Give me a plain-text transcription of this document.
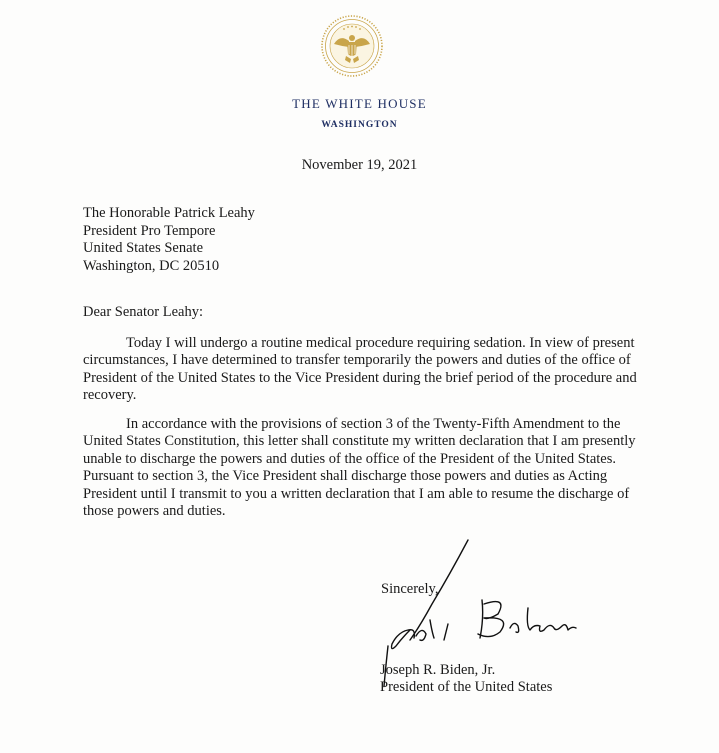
THE WHITE HOUSE
WASHINGTON
November 19, 2021
The Honorable Patrick Leahy
President Pro Tempore
United States Senate
Washington, DC 20510
Dear Senator Leahy:

Today I will undergo a routine medical procedure requiring sedation. In view of present circumstances, I have determined to transfer temporarily the powers and duties of the office of President of the United States to the Vice President during the brief period of the procedure and recovery.

In accordance with the provisions of section 3 of the Twenty-Fifth Amendment to the United States Constitution, this letter shall constitute my written declaration that I am presently unable to discharge the powers and duties of the office of the President of the United States. Pursuant to section 3, the Vice President shall discharge those powers and duties as Acting President until I transmit to you a written declaration that I am able to resume the discharge of those powers and duties.

Sincerely,
Joseph R. Biden, Jr.
President of the United States
